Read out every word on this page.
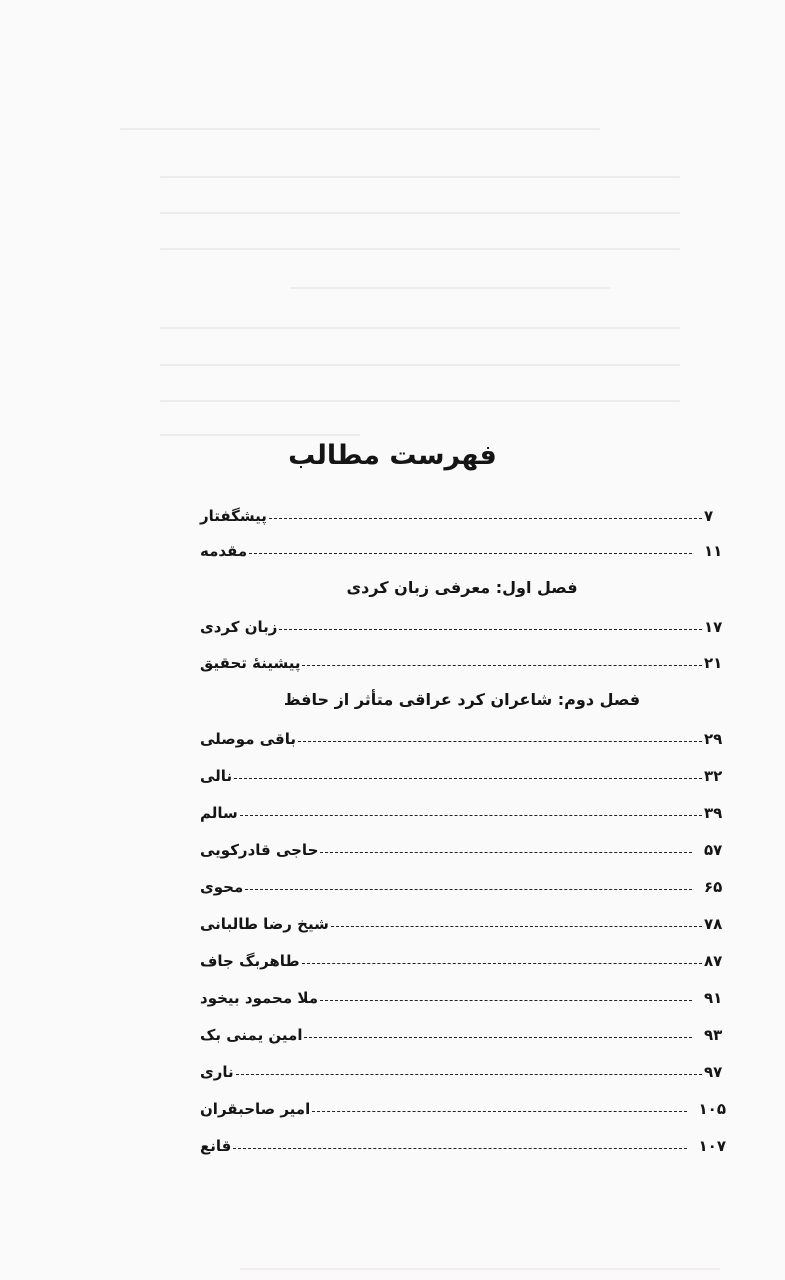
فهرست مطالب
پیشگفتار	۷
مقدمه	۱۱
فصل اول: معرفی زبان کردی
زبان کردی	۱۷
پیشینهٔ تحقیق	۲۱
فصل دوم: شاعران کرد عراقی متأثر از حافظ
باقی موصلی	۲۹
نالی	۳۲
سالم	۳۹
حاجی قادرکویی	۵۷
محوی	۶۵
شیخ رضا طالبانی	۷۸
طاهربگ جاف	۸۷
ملا محمود بیخود	۹۱
امین یمنی بک	۹۳
ناری	۹۷
امیر صاحبقران	۱۰۵
قانع	۱۰۷
